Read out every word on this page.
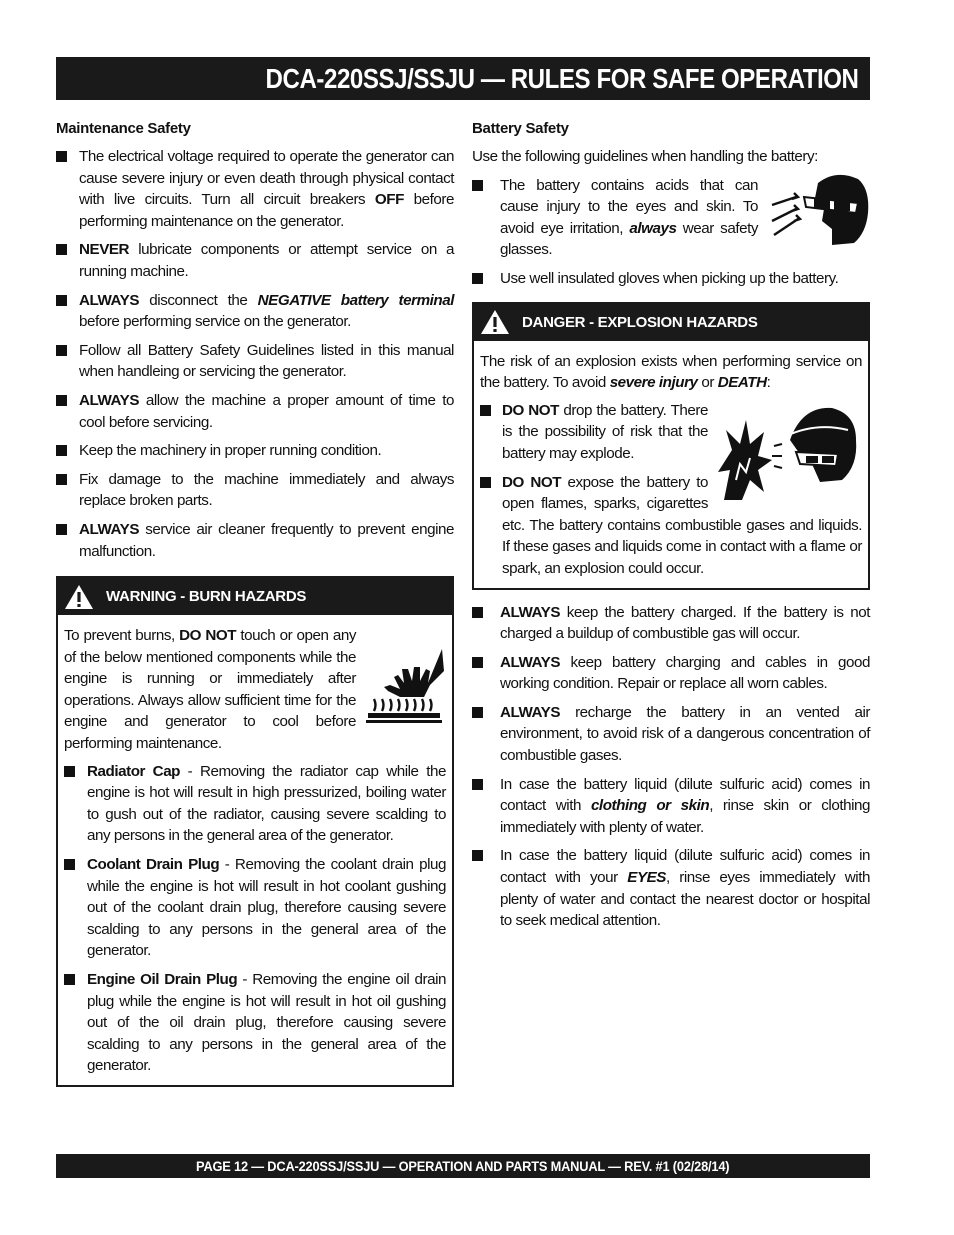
DCA-220SSJ/SSJU — RULES FOR SAFE OPERATION
Maintenance Safety
The electrical voltage required to operate the generator can cause severe injury or even death through physical contact with live circuits. Turn all circuit breakers OFF before performing maintenance on the generator.
NEVER lubricate components or attempt service on a running machine.
ALWAYS disconnect the NEGATIVE battery terminal before performing service on the generator.
Follow all Battery Safety Guidelines listed in this manual when handleing or servicing the generator.
ALWAYS allow the machine a proper amount of time to cool before servicing.
Keep the machinery in proper running condition.
Fix damage to the machine immediately and always replace broken parts.
ALWAYS service air cleaner frequently to prevent engine malfunction.
WARNING - BURN HAZARDS
To prevent burns, DO NOT touch or open any of the below mentioned components while the engine is running or immediately after operations. Always allow sufficient time for the engine and generator to cool before performing maintenance.
Radiator Cap - Removing the radiator cap while the engine is hot will result in high pressurized, boiling water to gush out of the radiator, causing severe scalding to any persons in the general area of the generator.
Coolant Drain Plug - Removing the coolant drain plug while the engine is hot will result in hot coolant gushing out of the coolant drain plug, therefore causing severe scalding to any persons in the general area of the generator.
Engine Oil Drain Plug - Removing the engine oil drain plug while the engine is hot will result in hot oil gushing out of the oil drain plug, therefore causing severe scalding to any persons in the general area of the generator.
Battery Safety
Use the following guidelines when handling the battery:
The battery contains acids that can cause injury to the eyes and skin. To avoid eye irritation, always wear safety glasses.
Use well insulated gloves when picking up the battery.
DANGER - EXPLOSION HAZARDS
The risk of an explosion exists when performing service on the battery. To avoid severe injury or DEATH:
DO NOT drop the battery. There is the possibility of risk that the battery may explode.
DO NOT expose the battery to open flames, sparks, cigarettes etc. The battery contains combustible gases and liquids. If these gases and liquids come in contact with a flame or spark, an explosion could occur.
ALWAYS keep the battery charged. If the battery is not charged a buildup of combustible gas will occur.
ALWAYS keep battery charging and cables in good working condition. Repair or replace all worn cables.
ALWAYS recharge the battery in an vented air environment, to avoid risk of a dangerous concentration of combustible gases.
In case the battery liquid (dilute sulfuric acid) comes in contact with clothing or skin, rinse skin or clothing immediately with plenty of water.
In case the battery liquid (dilute sulfuric acid) comes in contact with your EYES, rinse eyes immediately with plenty of water and contact the nearest doctor or hospital to seek medical attention.
PAGE 12 — DCA-220SSJ/SSJU — OPERATION AND PARTS MANUAL — REV. #1 (02/28/14)
